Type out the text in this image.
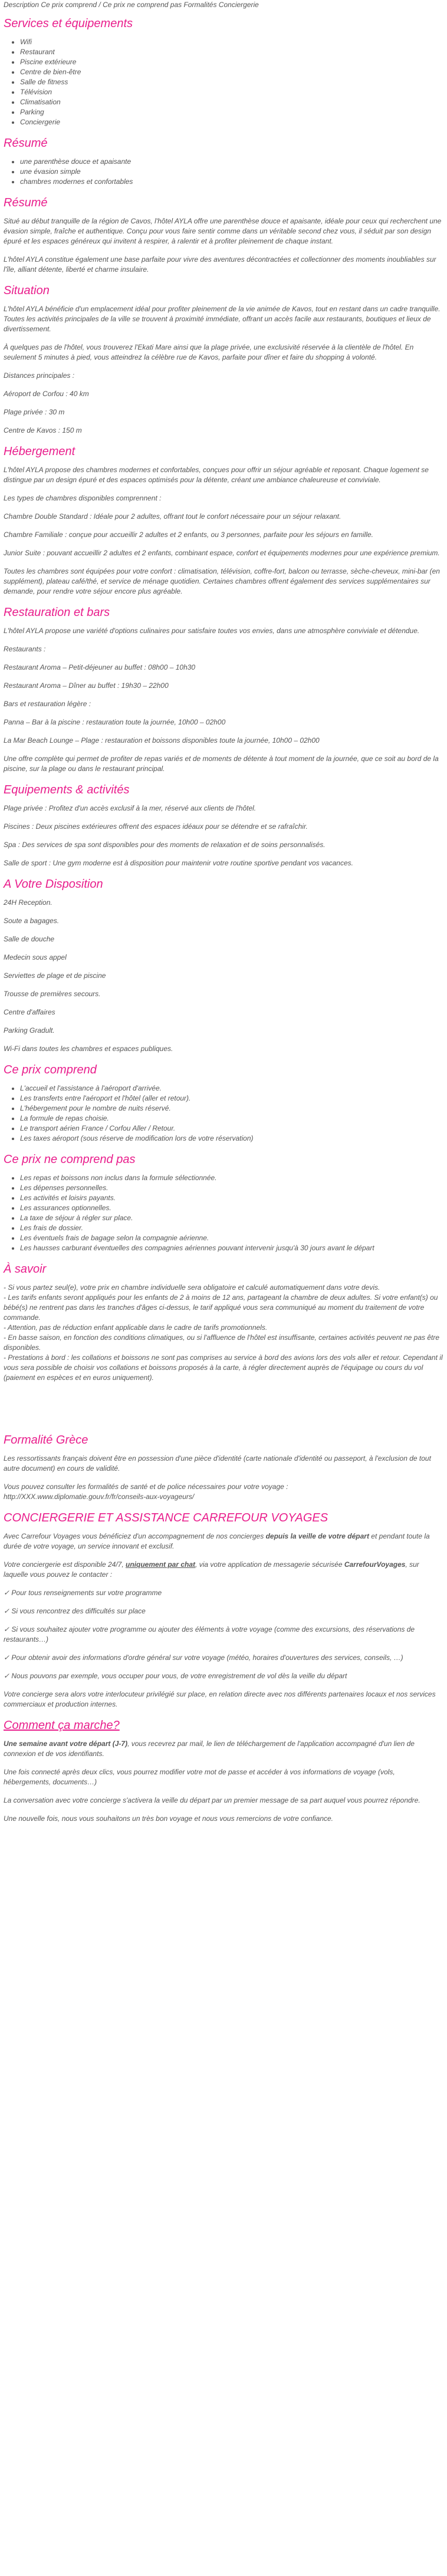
Description Ce prix comprend / Ce prix ne comprend pas Formalités Conciergerie
Services et équipements
• Wifi
• Restaurant
• Piscine extérieure
• Centre de bien-être
• Salle de fitness
• Télévision
• Climatisation
• Parking
• Conciergerie
Résumé
• une parenthèse douce et apaisante
• une évasion simple
• chambres modernes et confortables
Résumé

Situé au début tranquille de la région de Cavos, l'hôtel AYLA offre une parenthèse douce et apaisante, idéale pour ceux qui recherchent une évasion simple, fraîche et authentique. Conçu pour vous faire sentir comme dans un véritable second chez vous, il séduit par son design épuré et les espaces généreux qui invitent à respirer, à ralentir et à profiter pleinement de chaque instant.

L'hôtel AYLA constitue également une base parfaite pour vivre des aventures décontractées et collectionner des moments inoubliables sur l'île, alliant détente, liberté et charme insulaire.

Situation

L'hôtel AYLA bénéficie d'un emplacement idéal pour profiter pleinement de la vie animée de Kavos, tout en restant dans un cadre tranquille. Toutes les activités principales de la ville se trouvent à proximité immédiate, offrant un accès facile aux restaurants, boutiques et lieux de divertissement.

À quelques pas de l'hôtel, vous trouverez l'Ekati Mare ainsi que la plage privée, une exclusivité réservée à la clientèle de l'hôtel. En seulement 5 minutes à pied, vous atteindrez la célèbre rue de Kavos, parfaite pour dîner et faire du shopping à volonté.

Distances principales :

Aéroport de Corfou : 40 km

Plage privée : 30 m

Centre de Kavos : 150 m

Hébergement

L'hôtel AYLA propose des chambres modernes et confortables, conçues pour offrir un séjour agréable et reposant. Chaque logement se distingue par un design épuré et des espaces optimisés pour la détente, créant une ambiance chaleureuse et conviviale.

Les types de chambres disponibles comprennent :

Chambre Double Standard : Idéale pour 2 adultes, offrant tout le confort nécessaire pour un séjour relaxant.

Chambre Familiale : conçue pour accueillir 2 adultes et 2 enfants, ou 3 personnes, parfaite pour les séjours en famille.

Junior Suite : pouvant accueillir 2 adultes et 2 enfants, combinant espace, confort et équipements modernes pour une expérience premium.

Toutes les chambres sont équipées pour votre confort : climatisation, télévision, coffre-fort, balcon ou terrasse, sèche-cheveux, mini-bar (en supplément), plateau café/thé, et service de ménage quotidien. Certaines chambres offrent également des services supplémentaires sur demande, pour rendre votre séjour encore plus agréable.

Restauration et bars

L'hôtel AYLA propose une variété d'options culinaires pour satisfaire toutes vos envies, dans une atmosphère conviviale et détendue.

Restaurants :

Restaurant Aroma – Petit-déjeuner au buffet : 08h00 – 10h30

Restaurant Aroma – Dîner au buffet : 19h30 – 22h00

Bars et restauration légère :

Panna – Bar à la piscine : restauration toute la journée, 10h00 – 02h00

La Mar Beach Lounge – Plage : restauration et boissons disponibles toute la journée, 10h00 – 02h00

Une offre complète qui permet de profiter de repas variés et de moments de détente à tout moment de la journée, que ce soit au bord de la piscine, sur la plage ou dans le restaurant principal.

Equipements & activités

Plage privée : Profitez d'un accès exclusif à la mer, réservé aux clients de l'hôtel.

Piscines : Deux piscines extérieures offrent des espaces idéaux pour se détendre et se rafraîchir.

Spa : Des services de spa sont disponibles pour des moments de relaxation et de soins personnalisés.

Salle de sport : Une gym moderne est à disposition pour maintenir votre routine sportive pendant vos vacances.

A Votre Disposition

24H Reception.

Soute a bagages.

Salle de douche

Medecin sous appel

Serviettes de plage et de piscine

Trousse de premières secours.

Centre d'affaires

Parking Gradult.

Wi-Fi dans toutes les chambres et espaces publiques.

Ce prix comprend
• L'accueil et l'assistance à l'aéroport d'arrivée.
• Les transferts entre l'aéroport et l'hôtel (aller et retour).
• L'hébergement pour le nombre de nuits réservé.
• La formule de repas choisie.
• Le transport aérien France / Corfou Aller / Retour.
• Les taxes aéroport (sous réserve de modification lors de votre réservation)
Ce prix ne comprend pas
• Les repas et boissons non inclus dans la formule sélectionnée.
• Les dépenses personnelles.
• Les activités et loisirs payants.
• Les assurances optionnelles.
• La taxe de séjour à régler sur place.
• Les frais de dossier.
• Les éventuels frais de bagage selon la compagnie aérienne.
• Les hausses carburant éventuelles des compagnies aériennes pouvant intervenir jusqu'à 30 jours avant le départ
À savoir
- Si vous partez seul(e), votre prix en chambre individuelle sera obligatoire et calculé automatiquement dans votre devis.
- Les tarifs enfants seront appliqués pour les enfants de 2 à moins de 12 ans, partageant la chambre de deux adultes. Si votre enfant(s) ou bébé(s) ne rentrent pas dans les tranches d'âges ci-dessus, le tarif appliqué vous sera communiqué au moment du traitement de votre commande.
- Attention, pas de réduction enfant applicable dans le cadre de tarifs promotionnels.
- En basse saison, en fonction des conditions climatiques, ou si l'affluence de l'hôtel est insuffisante, certaines activités peuvent ne pas être disponibles.
- Prestations à bord : les collations et boissons ne sont pas comprises au service à bord des avions lors des vols aller et retour. Cependant il vous sera possible de choisir vos collations et boissons proposés à la carte, à régler directement auprès de l'équipage ou cours du vol (paiement en espèces et en euros uniquement).
Formalité Grèce

Les ressortissants français doivent être en possession d'une pièce d'identité (carte nationale d'identité ou passeport, à l'exclusion de tout autre document) en cours de validité.

Vous pouvez consulter les formalités de santé et de police nécessaires pour votre voyage :
http://XXX.www.diplomatie.gouv.fr/fr/conseils-aux-voyageurs/

CONCIERGERIE ET ASSISTANCE CARREFOUR VOYAGES

Avec Carrefour Voyages vous bénéficiez d'un accompagnement de nos concierges depuis la veille de votre départ et pendant toute la durée de votre voyage, un service innovant et exclusif.

Votre conciergerie est disponible 24/7, uniquement par chat, via votre application de messagerie sécurisée CarrefourVoyages, sur laquelle vous pouvez le contacter :

✓ Pour tous renseignements sur votre programme

✓ Si vous rencontrez des difficultés sur place

✓ Si vous souhaitez ajouter votre programme ou ajouter des éléments à votre voyage (comme des excursions, des réservations de restaurants…)

✓ Pour obtenir avoir des informations d'ordre général sur votre voyage (météo, horaires d'ouvertures des services, conseils, …)

✓ Nous pouvons par exemple, vous occuper pour vous, de votre enregistrement de vol dès la veille du départ

Votre concierge sera alors votre interlocuteur privilégié sur place, en relation directe avec nos différents partenaires locaux et nos services commerciaux et production internes.

Comment ça marche?

Une semaine avant votre départ (J-7), vous recevrez par mail, le lien de téléchargement de l'application accompagné d'un lien de connexion et de vos identifiants.

Une fois connecté après deux clics, vous pourrez modifier votre mot de passe et accéder à vos informations de voyage (vols, hébergements, documents…)

La conversation avec votre concierge s'activera la veille du départ par un premier message de sa part auquel vous pourrez répondre.

Une nouvelle fois, nous vous souhaitons un très bon voyage et nous vous remercions de votre confiance.
